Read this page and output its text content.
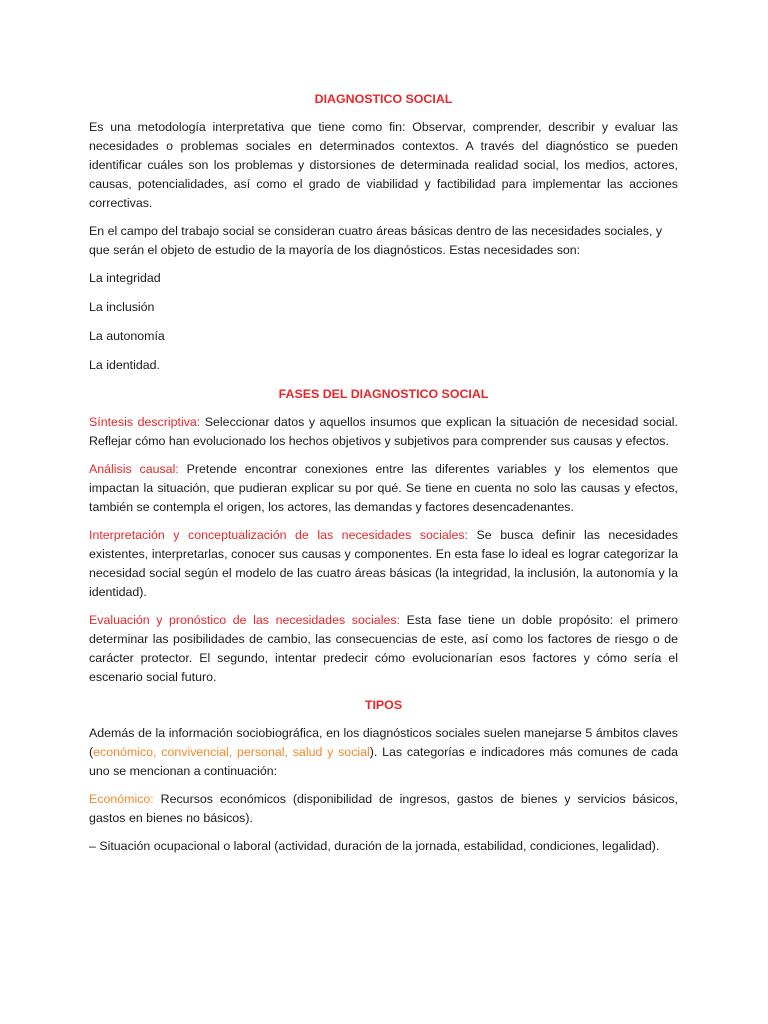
DIAGNOSTICO SOCIAL

Es una metodología interpretativa que tiene como fin: Observar, comprender, describir y evaluar las necesidades o problemas sociales en determinados contextos. A través del diagnóstico se pueden identificar cuáles son los problemas y distorsiones de determinada realidad social, los medios, actores, causas, potencialidades, así como el grado de viabilidad y factibilidad para implementar las acciones correctivas.

En el campo del trabajo social se consideran cuatro áreas básicas dentro de las necesidades sociales, y que serán el objeto de estudio de la mayoría de los diagnósticos. Estas necesidades son:

La integridad

La inclusión

La autonomía

La identidad.

FASES DEL DIAGNOSTICO SOCIAL

Síntesis descriptiva: Seleccionar datos y aquellos insumos que explican la situación de necesidad social. Reflejar cómo han evolucionado los hechos objetivos y subjetivos para comprender sus causas y efectos.

Análisis causal: Pretende encontrar conexiones entre las diferentes variables y los elementos que impactan la situación, que pudieran explicar su por qué. Se tiene en cuenta no solo las causas y efectos, también se contempla el origen, los actores, las demandas y factores desencadenantes.

Interpretación y conceptualización de las necesidades sociales: Se busca definir las necesidades existentes, interpretarlas, conocer sus causas y componentes. En esta fase lo ideal es lograr categorizar la necesidad social según el modelo de las cuatro áreas básicas (la integridad, la inclusión, la autonomía y la identidad).

Evaluación y pronóstico de las necesidades sociales: Esta fase tiene un doble propósito: el primero determinar las posibilidades de cambio, las consecuencias de este, así como los factores de riesgo o de carácter protector. El segundo, intentar predecir cómo evolucionarían esos factores y cómo sería el escenario social futuro.

TIPOS

Además de la información sociobiográfica, en los diagnósticos sociales suelen manejarse 5 ámbitos claves (económico, convivencial, personal, salud y social). Las categorías e indicadores más comunes de cada uno se mencionan a continuación:

Económico: Recursos económicos (disponibilidad de ingresos, gastos de bienes y servicios básicos, gastos en bienes no básicos).

– Situación ocupacional o laboral (actividad, duración de la jornada, estabilidad, condiciones, legalidad).
